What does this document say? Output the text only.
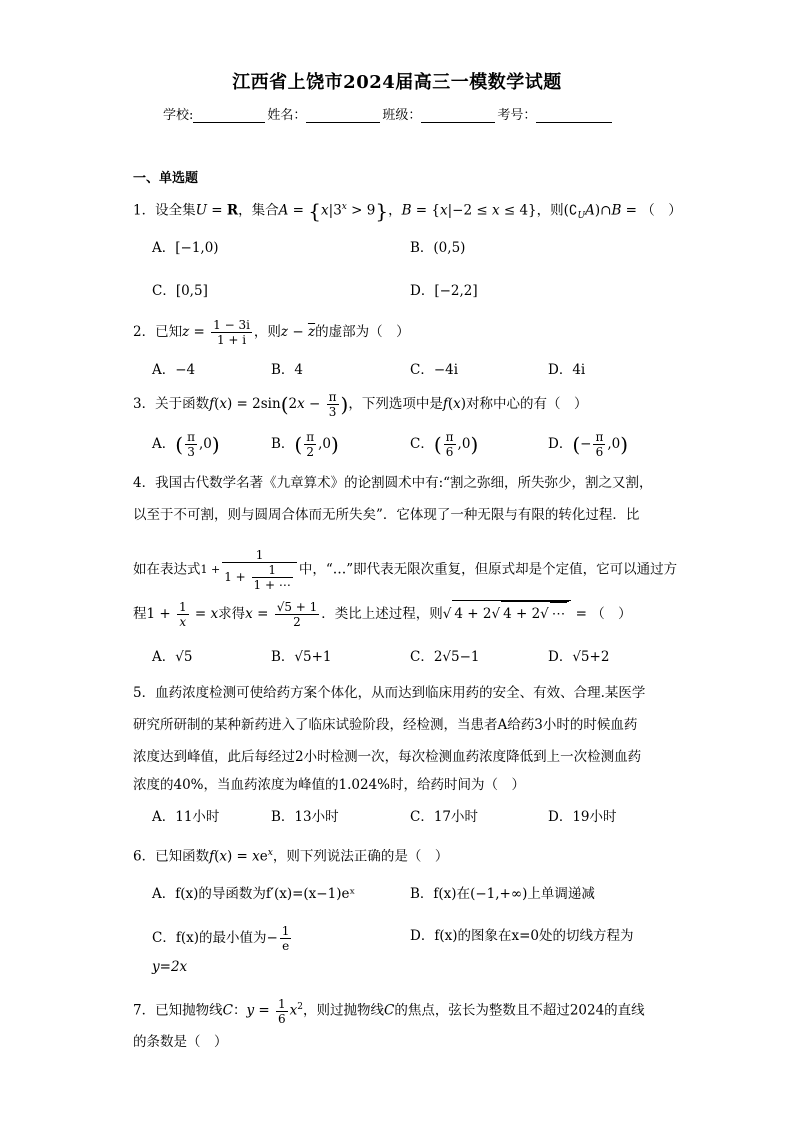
江西省上饶市2024届高三一模数学试题
学校:	姓名：	班级：	考号：
一、单选题
1．设全集U = R，集合$A = \{x|3^x > 9\}$，B = {x|−2 ≤ x ≤ 4}，则$(∁_UA)\cap B$ = （　）
A．[−1,0)	B．(0,5)
C．[0,5]	D．[−2,2]
2．已知$z = \frac{1 - 3i}{1 + i}$ ，则$z - \overline{z}$的虚部为（　）
A．−4	B．4	C．−4i	D．4i
3．关于函数$f(x) = 2\sin(2x - \frac{\pi}{3}$ )，下列选项中是f(x)对称中心的有（　）
A．( $\frac{\pi}{3} ,0$)	B．( $\frac{\pi}{2} ,0$)	C．( $\frac{\pi}{6} ,0$)	D．(− $\frac{\pi}{6} ,0$)
4．我国古代数学名著《九章算术》的论割圆术中有:“割之弥细，所失弥少，割之又割，
以至于不可割，则与圆周合体而无所失矣”．它体现了一种无限与有限的转化过程．比
如在表达式$1 + \frac{1}{1 + \frac{1}{1 + \cdots}}$ 中，“…”即代表无限次重复，但原式却是个定值，它可以通过方
程$1 + \frac{1}{x} = x$求得$x = \frac{√5 + 1}{2}$ ．类比上述过程，则√ 4 + 2√ 4 + 2√ ⋯ = （　）
A．√5	B．√5+1	C．2√5−1	D．√5+2
5．血药浓度检测可使给药方案个体化，从而达到临床用药的安全、有效、合理.某医学
研究所研制的某种新药进入了临床试验阶段，经检测，当患者A给药3小时的时候血药
浓度达到峰值，此后每经过2小时检测一次，每次检测血药浓度降低到上一次检测血药
浓度的40%，当血药浓度为峰值的1.024%时，给药时间为（　）
A．11小时	B．13小时	C．17小时	D．19小时
6．已知函数$f(x) = xe^x$，则下列说法正确的是（　）
A．f(x)的导函数为f′(x)=(x−1)eˣ	B．f(x)在(−1,+∞)上单调递减
C．f(x)的最小值为− $\frac{1}{e}$	D．f(x)的图象在x=0处的切线方程为
y=2x
7．已知抛物线C：$y = \frac{1}{6} x^2$，则过抛物线C的焦点，弦长为整数且不超过2024的直线
的条数是（　）
